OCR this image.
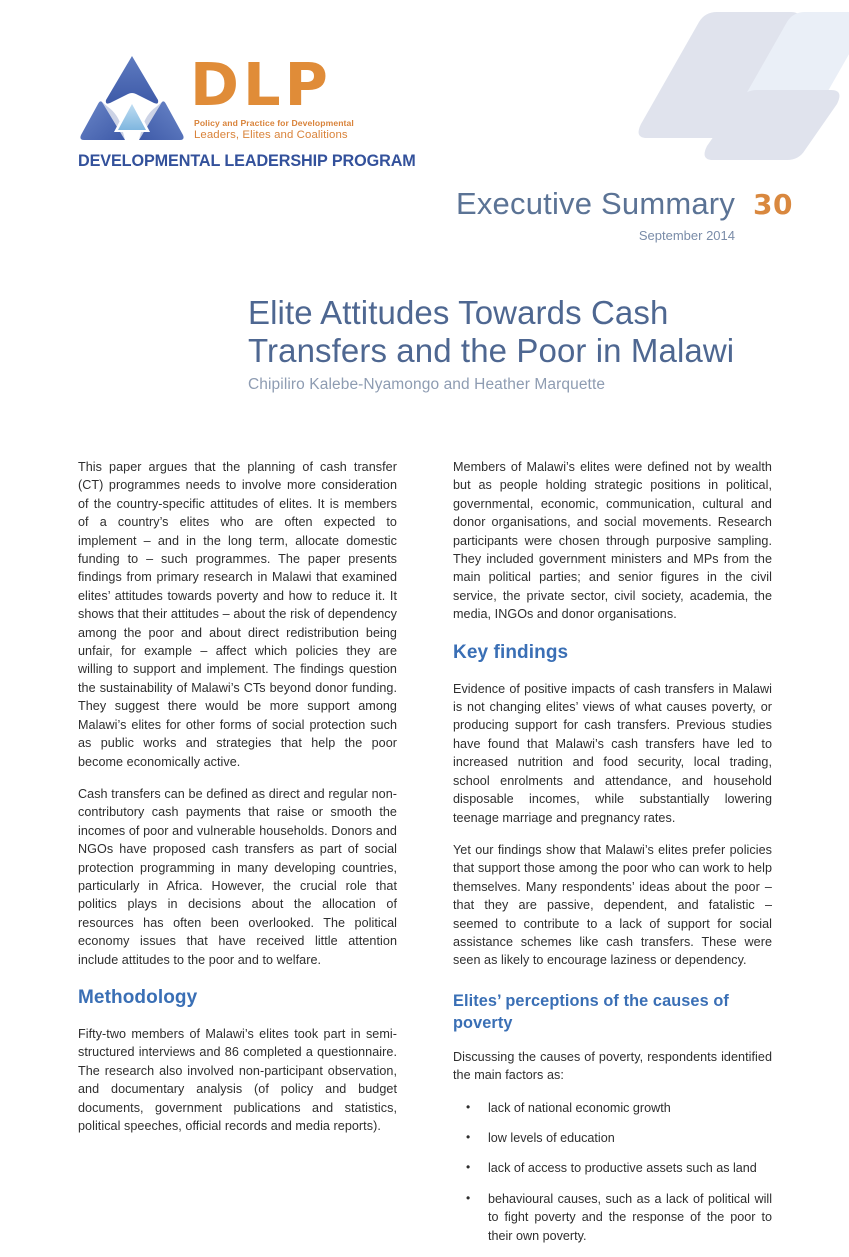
DLP
Policy and Practice for Developmental
Leaders, Elites and Coalitions
DEVELOPMENTAL LEADERSHIP PROGRAM
Executive Summary 30
September 2014
Elite Attitudes Towards Cash Transfers and the Poor in Malawi
Chipiliro Kalebe-Nyamongo and Heather Marquette

This paper argues that the planning of cash transfer (CT) programmes needs to involve more consideration of the country-specific attitudes of elites. It is members of a country’s elites who are often expected to implement – and in the long term, allocate domestic funding to – such programmes. The paper presents findings from primary research in Malawi that examined elites’ attitudes towards poverty and how to reduce it. It shows that their attitudes – about the risk of dependency among the poor and about direct redistribution being unfair, for example – affect which policies they are willing to support and implement. The findings question the sustainability of Malawi’s CTs beyond donor funding. They suggest there would be more support among Malawi’s elites for other forms of social protection such as public works and strategies that help the poor become economically active.

Cash transfers can be defined as direct and regular non-contributory cash payments that raise or smooth the incomes of poor and vulnerable households. Donors and NGOs have proposed cash transfers as part of social protection programming in many developing countries, particularly in Africa. However, the crucial role that politics plays in decisions about the allocation of resources has often been overlooked. The political economy issues that have received little attention include attitudes to the poor and to welfare.

Methodology

Fifty-two members of Malawi’s elites took part in semi-structured interviews and 86 completed a questionnaire. The research also involved non-participant observation, and documentary analysis (of policy and budget documents, government publications and statistics, political speeches, official records and media reports).

Members of Malawi’s elites were defined not by wealth but as people holding strategic positions in political, governmental, economic, communication, cultural and donor organisations, and social movements. Research participants were chosen through purposive sampling. They included government ministers and MPs from the main political parties; and senior figures in the civil service, the private sector, civil society, academia, the media, INGOs and donor organisations.

Key findings

Evidence of positive impacts of cash transfers in Malawi is not changing elites’ views of what causes poverty, or producing support for cash transfers. Previous studies have found that Malawi’s cash transfers have led to increased nutrition and food security, local trading, school enrolments and attendance, and household disposable incomes, while substantially lowering teenage marriage and pregnancy rates.

Yet our findings show that Malawi’s elites prefer policies that support those among the poor who can work to help themselves. Many respondents’ ideas about the poor – that they are passive, dependent, and fatalistic – seemed to contribute to a lack of support for social assistance schemes like cash transfers. These were seen as likely to encourage laziness or dependency.

Elites’ perceptions of the causes of poverty

Discussing the causes of poverty, respondents identified the main factors as:

• lack of national economic growth
• low levels of education
• lack of access to productive assets such as land
• behavioural causes, such as a lack of political will to fight poverty and the response of the poor to their own poverty.
